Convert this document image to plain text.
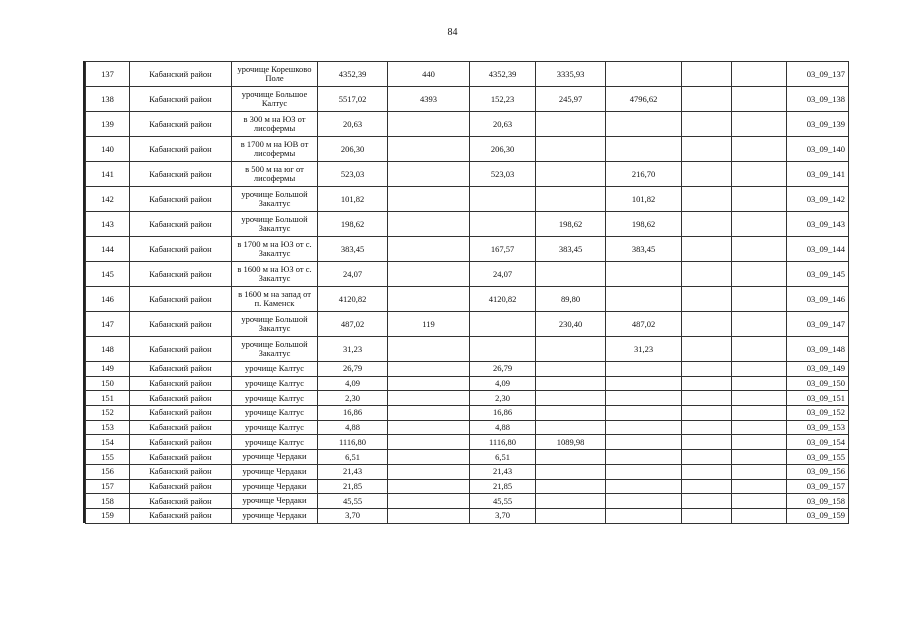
84
137	Кабанский район	урочище Корешково Поле	4352,39	440	4352,39	3335,93				03_09_137
138	Кабанский район	урочище Большое Калтус	5517,02	4393	152,23	245,97	4796,62			03_09_138
139	Кабанский район	в 300 м на ЮЗ от лисофермы	20,63		20,63					03_09_139
140	Кабанский район	в 1700 м на ЮВ от лисофермы	206,30		206,30					03_09_140
141	Кабанский район	в 500 м на юг от лисофермы	523,03		523,03		216,70			03_09_141
142	Кабанский район	урочище Большой Закалтус	101,82				101,82			03_09_142
143	Кабанский район	урочище Большой Закалтус	198,62			198,62	198,62			03_09_143
144	Кабанский район	в 1700 м на ЮЗ от с. Закалтус	383,45		167,57	383,45	383,45			03_09_144
145	Кабанский район	в 1600 м на ЮЗ от с. Закалтус	24,07		24,07					03_09_145
146	Кабанский район	в 1600 м на запад от п. Каменск	4120,82		4120,82	89,80				03_09_146
147	Кабанский район	урочище Большой Закалтус	487,02	119		230,40	487,02			03_09_147
148	Кабанский район	урочище Большой Закалтус	31,23				31,23			03_09_148
149	Кабанский район	урочище Калтус	26,79		26,79					03_09_149
150	Кабанский район	урочище Калтус	4,09		4,09					03_09_150
151	Кабанский район	урочище Калтус	2,30		2,30					03_09_151
152	Кабанский район	урочище Калтус	16,86		16,86					03_09_152
153	Кабанский район	урочище Калтус	4,88		4,88					03_09_153
154	Кабанский район	урочище Калтус	1116,80		1116,80	1089,98				03_09_154
155	Кабанский район	урочище Чердаки	6,51		6,51					03_09_155
156	Кабанский район	урочище Чердаки	21,43		21,43					03_09_156
157	Кабанский район	урочище Чердаки	21,85		21,85					03_09_157
158	Кабанский район	урочище Чердаки	45,55		45,55					03_09_158
159	Кабанский район	урочище Чердаки	3,70		3,70					03_09_159
